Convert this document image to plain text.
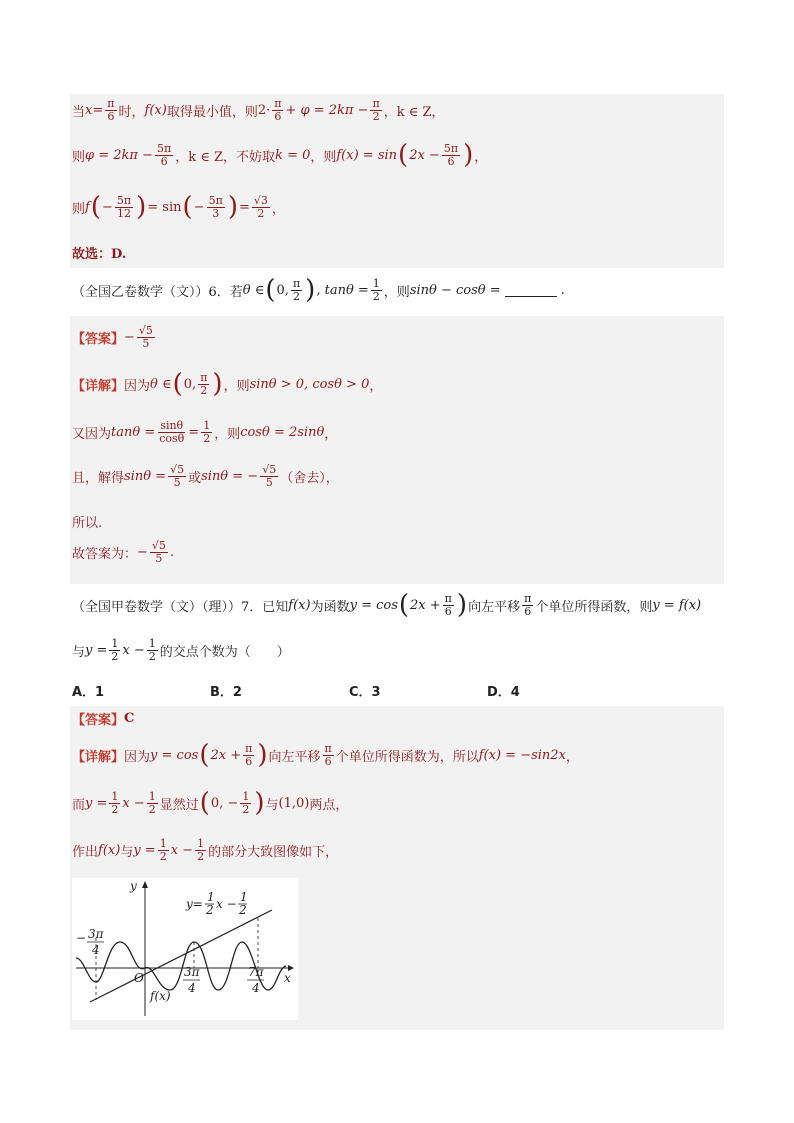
当 $x = \frac{\pi}{6}$ 时， f(x) 取得最小值，则 $2\cdot \frac{\pi}{6} + \varphi = 2k\pi - \frac{\pi}{2}$ ，k ∈ Z，
则 $\varphi = 2k\pi - \frac{5\pi}{6}$ ，k ∈ Z，不妨取 k = 0 ，则 f(x) = sin ( $2x - \frac{5\pi}{6}$ ) ，
则 f ( − $\frac{5\pi}{12}$ ) = sin ( − $\frac{5\pi}{3}$ ) = $\frac{√3}{2}$ ，
故选：D.
（全国乙卷数学（文））6．若 θ ∈ ( 0, $\frac{\pi}{2}$ ) , $\tan\theta = \frac{1}{2}$ ，则 sinθ − cosθ =	.
【答案】 − $\frac{√5}{5}$
【详解】 因为 θ ∈ ( 0, $\frac{\pi}{2}$ ) ，则 sinθ > 0, cosθ > 0 ，
又因为 $\tan\theta = \frac{\sin\theta}{\cos\theta} = \frac{1}{2}$ ，则 cosθ = 2sinθ ，
且，解得 $\sin\theta = \frac{√5}{5}$ 或 sinθ = − $\frac{√5}{5}$ （舍去），
所以.
故答案为： − $\frac{√5}{5}$ .
（全国甲卷数学（文）（理））7．已知 f(x) 为函数 y = cos ( $2x + \frac{\pi}{6}$ ) 向左平移 $\frac{\pi}{6}$ 个单位所得函数，则 y = f(x)
与 $y = \frac{1}{2}$ $x - \frac{1}{2}$ 的交点个数为（　　）
A．1	B．2	C．3	D．4
【答案】 C
【详解】 因为 y = cos ( $2x + \frac{\pi}{6}$ ) 向左平移 $\frac{\pi}{6}$ 个单位所得函数为，所以 f(x) = −sin2x ，
而 $y = \frac{1}{2}$ $x - \frac{1}{2}$ 显然过 ( 0, − $\frac{1}{2}$ ) 与 (1,0) 两点，
作出 f(x) 与 $y = \frac{1}{2}$ $x - \frac{1}{2}$ 的部分大致图像如下，
y
x
O
y= 1
2 x − 1
2
− 3π
4
3π
4
7π
4
f(x)
